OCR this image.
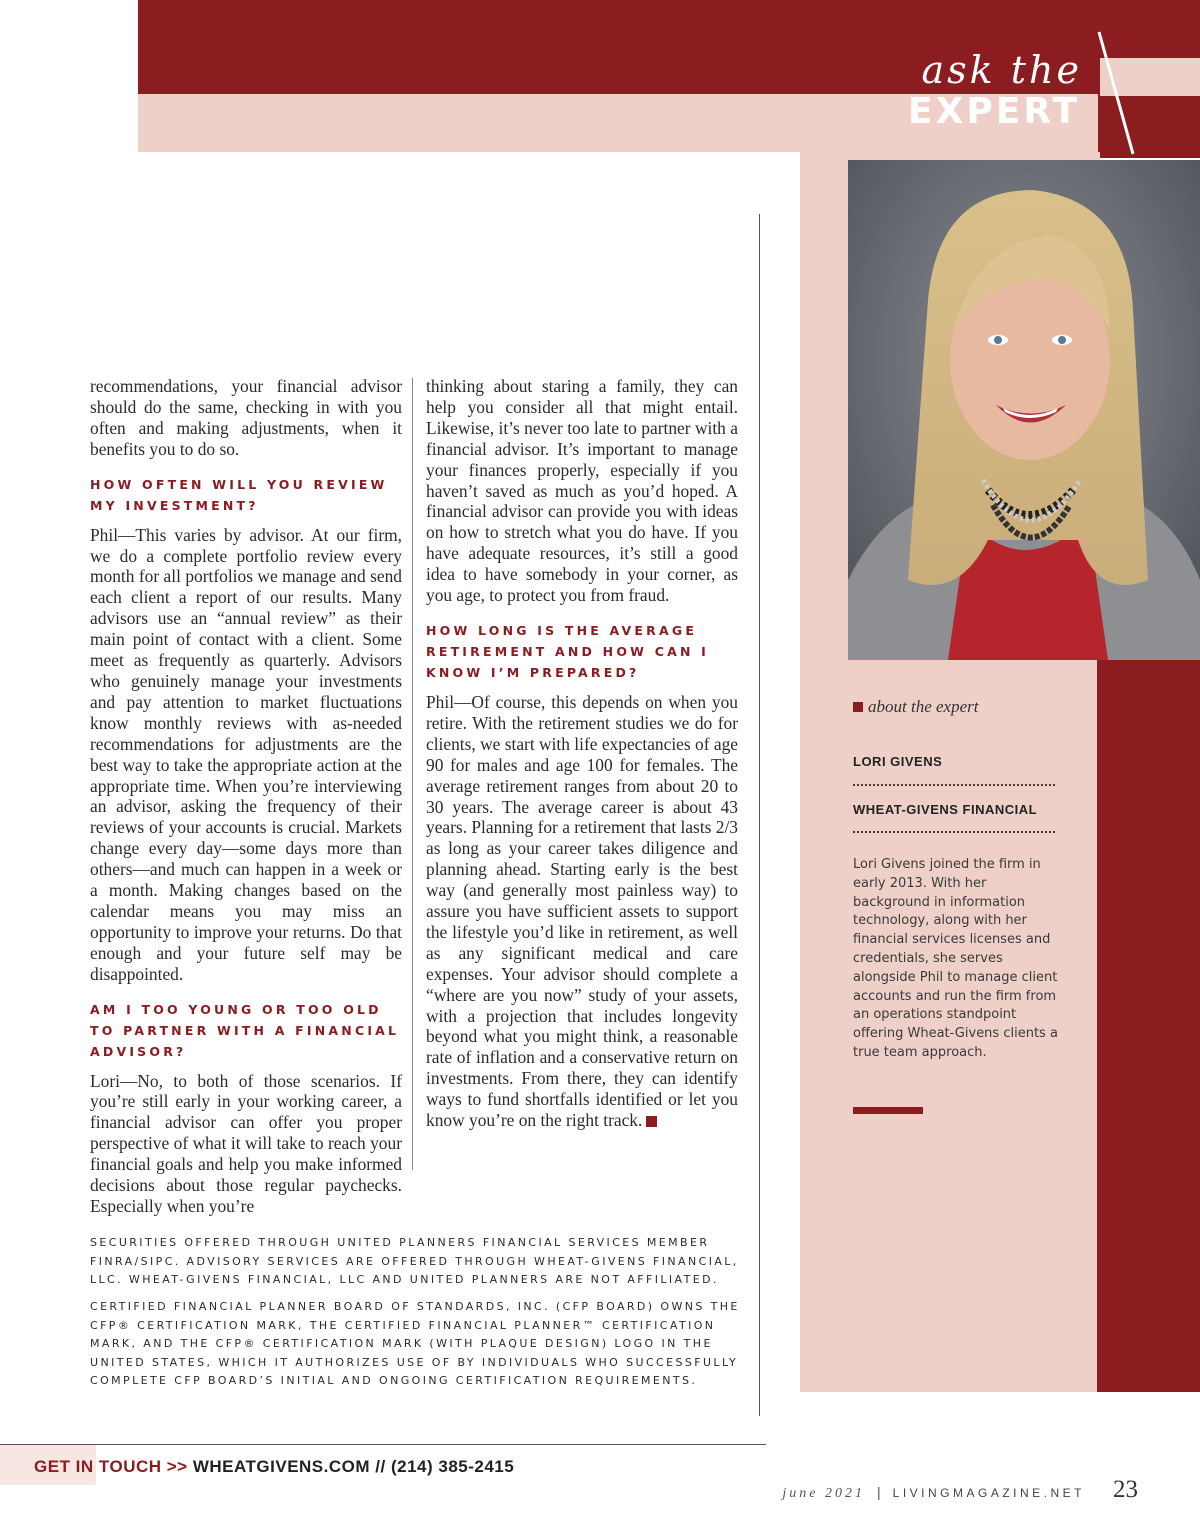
ask the
EXPERT
about the expert
LORI GIVENS
WHEAT-GIVENS FINANCIAL
Lori Givens joined the firm in early 2013. With her background in information technology, along with her financial services licenses and credentials, she serves alongside Phil to manage client accounts and run the firm from an operations standpoint offering Wheat-Givens clients a true team approach.

recommendations, your financial advisor should do the same, checking in with you often and making adjustments, when it benefits you to do so.

HOW OFTEN WILL YOU REVIEW MY INVESTMENT?

Phil—This varies by advisor. At our firm, we do a complete portfolio review every month for all portfolios we manage and send each client a report of our results. Many advisors use an “annual review” as their main point of contact with a client. Some meet as frequently as quarterly. Advisors who genuinely manage your investments and pay attention to market fluctuations know monthly reviews with as-needed recommendations for adjustments are the best way to take the appropriate action at the appropriate time. When you’re interviewing an advisor, asking the frequency of their reviews of your accounts is crucial. Markets change every day—some days more than others—and much can happen in a week or a month. Making changes based on the calendar means you may miss an opportunity to improve your returns. Do that enough and your future self may be disappointed.

AM I TOO YOUNG OR TOO OLD TO PARTNER WITH A FINANCIAL ADVISOR?

Lori—No, to both of those scenarios. If you’re still early in your working career, a financial advisor can offer you proper perspective of what it will take to reach your financial goals and help you make informed decisions about those regular paychecks. Especially when you’re

thinking about staring a family, they can help you consider all that might entail. Likewise, it’s never too late to partner with a financial advisor. It’s important to manage your finances properly, especially if you haven’t saved as much as you’d hoped. A financial advisor can provide you with ideas on how to stretch what you do have. If you have adequate resources, it’s still a good idea to have somebody in your corner, as you age, to protect you from fraud.

HOW LONG IS THE AVERAGE RETIREMENT AND HOW CAN I KNOW I’M PREPARED?

Phil—Of course, this depends on when you retire. With the retirement studies we do for clients, we start with life expectancies of age 90 for males and age 100 for females. The average retirement ranges from about 20 to 30 years. The average career is about 43 years. Planning for a retirement that lasts 2/3 as long as your career takes diligence and planning ahead. Starting early is the best way (and generally most painless way) to assure you have sufficient assets to support the lifestyle you’d like in retirement, as well as any significant medical and care expenses. Your advisor should complete a “where are you now” study of your assets, with a projection that includes longevity beyond what you might think, a reasonable rate of inflation and a conservative return on investments. From there, they can identify ways to fund shortfalls identified or let you know you’re on the right track.

SECURITIES OFFERED THROUGH UNITED PLANNERS FINANCIAL SERVICES MEMBER FINRA/SIPC. ADVISORY SERVICES ARE OFFERED THROUGH WHEAT-GIVENS FINANCIAL, LLC. WHEAT-GIVENS FINANCIAL, LLC AND UNITED PLANNERS ARE NOT AFFILIATED.
CERTIFIED FINANCIAL PLANNER BOARD OF STANDARDS, INC. (CFP BOARD) OWNS THE CFP® CERTIFICATION MARK, THE CERTIFIED FINANCIAL PLANNER™ CERTIFICATION MARK, AND THE CFP® CERTIFICATION MARK (WITH PLAQUE DESIGN) LOGO IN THE UNITED STATES, WHICH IT AUTHORIZES USE OF BY INDIVIDUALS WHO SUCCESSFULLY COMPLETE CFP BOARD’S INITIAL AND ONGOING CERTIFICATION REQUIREMENTS.
GET IN TOUCH >> WHEATGIVENS.COM // (214) 385-2415
june 2021 | LIVINGMAGAZINE.NET 23
